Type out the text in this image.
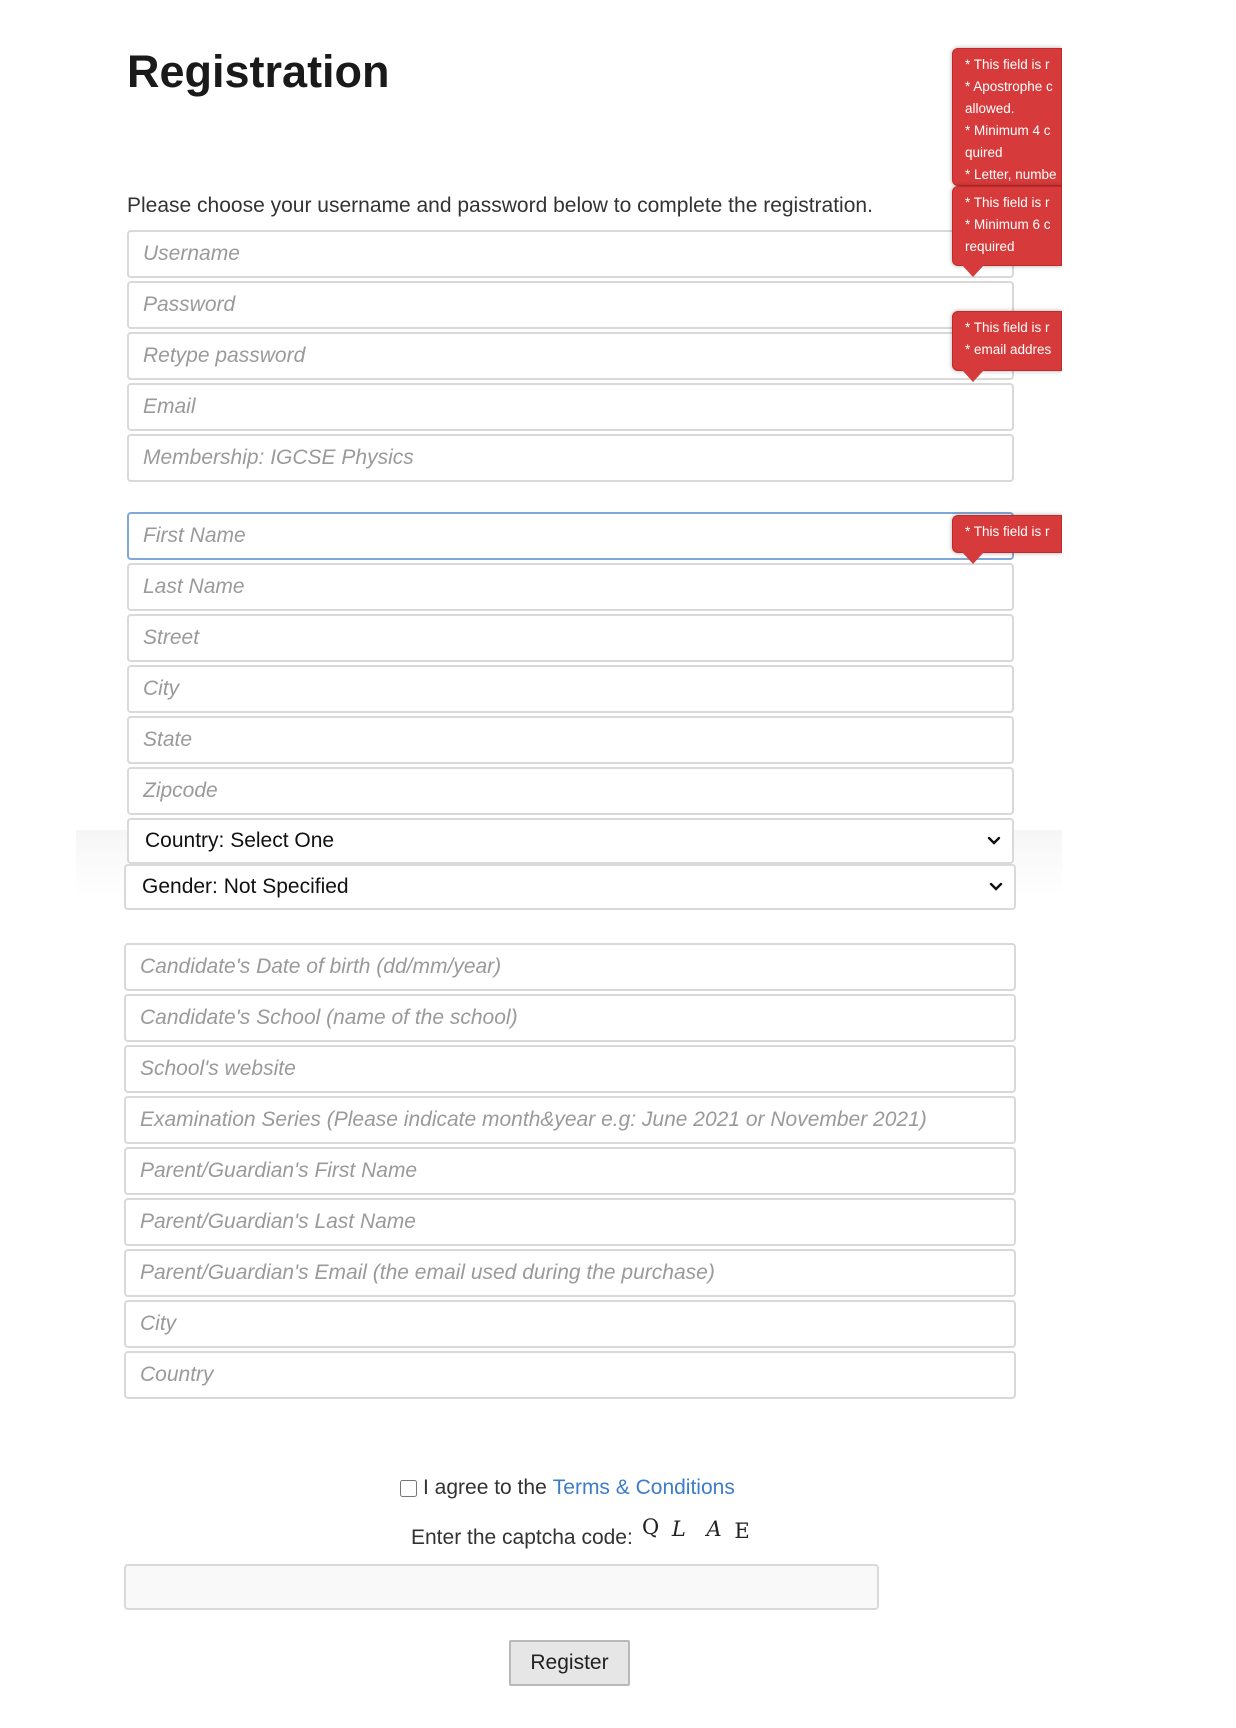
Registration

Please choose your username and password below to complete the registration.

Username
Password
Retype password
Email
Membership: IGCSE Physics
First Name
Last Name
Street
City
State
Zipcode
Country: Select One
Gender: Not Specified
Candidate's Date of birth (dd/mm/year)
Candidate's School (name of the school)
School's website
Examination Series (Please indicate month&year e.g: June 2021 or November 2021)
Parent/Guardian's First Name
Parent/Guardian's Last Name
Parent/Guardian's Email (the email used during the purchase)
City
Country
* This field is r
* Apostrophe c
allowed.
* Minimum 4 c
quired
* Letter, numbe
* This field is r
* Minimum 6 c
required
* This field is r
* email addres
* This field is r
I agree to the Terms & Conditions
Enter the captcha code: Q L A E
Register
